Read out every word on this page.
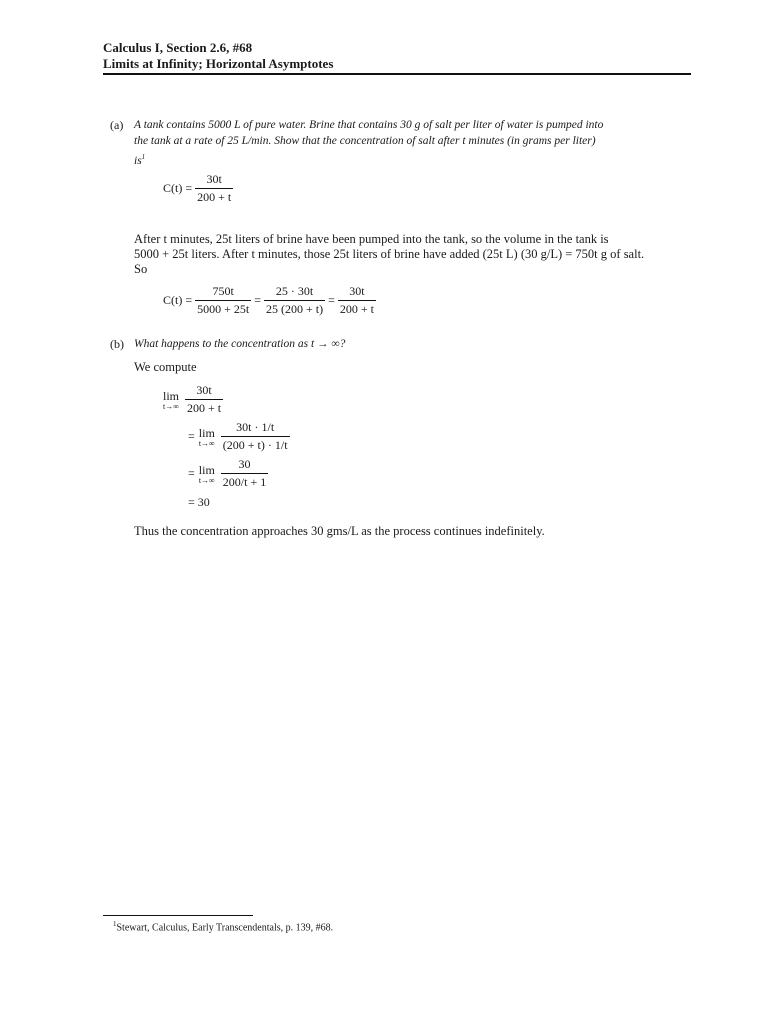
Calculus I, Section 2.6, #68
Limits at Infinity; Horizontal Asymptotes
(a) A tank contains 5000 L of pure water. Brine that contains 30 g of salt per liter of water is pumped into
the tank at a rate of 25 L/min. Show that the concentration of salt after t minutes (in grams per liter)
$is^1$
$C(t) = \frac{30t}{200 + t}$
After t minutes, 25t liters of brine have been pumped into the tank, so the volume in the tank is
5000 + 25t liters. After t minutes, those 25t liters of brine have added (25t L) (30 g/L) = 750t g of salt.
So
$C(t) = \frac{750t}{5000 + 25t} = \frac{25 \cdot 30t}{25 (200 + t)} = \frac{30t}{200 + t}$
(b) What happens to the concentration as t → ∞?
We compute
lim
$t\to\infty \frac{30t}{200 + t}$
= lim
$t\to\infty \frac{30t \cdot 1/t}{(200 + t) \cdot 1/t}$
= lim
$t\to\infty \frac{30}{200/t + 1}$
= 30
Thus the concentration approaches 30 gms/L as the process continues indefinitely.
$^1$Stewart, Calculus, Early Transcendentals, p. 139, #68.
